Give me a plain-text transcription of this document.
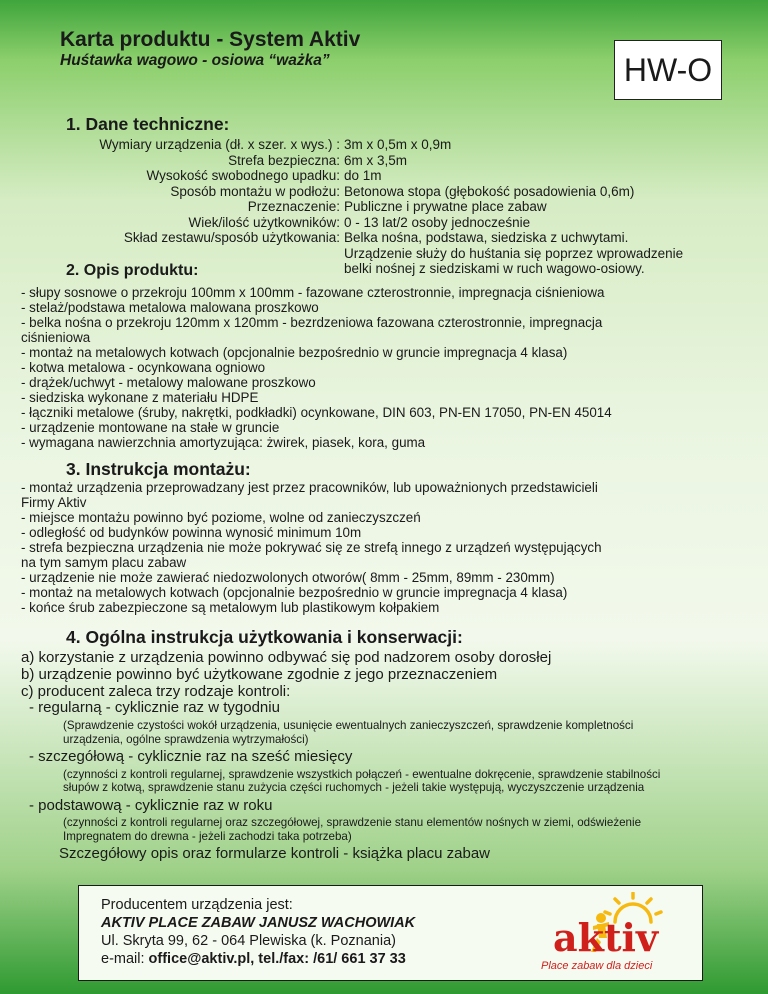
Karta produktu - System Aktiv
Huśtawka wagowo - osiowa “ważka”	HW-O
1. Dane techniczne:
Wymiary urządzenia (dł. x szer. x wys.) : 3m x 0,5m x 0,9m
Strefa bezpieczna: 6m x 3,5m
Wysokość swobodnego upadku: do 1m
Sposób montażu w podłożu: Betonowa stopa (głębokość posadowienia 0,6m)
Przeznaczenie: Publiczne i prywatne place zabaw
Wiek/ilość użytkowników: 0 - 13 lat/2 osoby jednocześnie
Skład zestawu/sposób użytkowania: Belka nośna, podstawa, siedziska z uchwytami.
Urządzenie służy do huśtania się poprzez wprowadzenie
belki nośnej z siedziskami w ruch wagowo-osiowy.
2. Opis produktu:
- słupy sosnowe o przekroju 100mm x 100mm - fazowane czterostronnie, impregnacja ciśnieniowa
- stelaż/podstawa metalowa malowana proszkowo
- belka nośna o przekroju 120mm x 120mm - bezrdzeniowa fazowana czterostronnie, impregnacja
ciśnieniowa
- montaż na metalowych kotwach (opcjonalnie bezpośrednio w gruncie impregnacja 4 klasa)
- kotwa metalowa - ocynkowana ogniowo
- drążek/uchwyt - metalowy malowane proszkowo
- siedziska wykonane z materiału HDPE
- łączniki metalowe (śruby, nakrętki, podkładki) ocynkowane, DIN 603, PN-EN 17050, PN-EN 45014
- urządzenie montowane na stałe w gruncie
- wymagana nawierzchnia amortyzująca: żwirek, piasek, kora, guma
3. Instrukcja montażu:
- montaż urządzenia przeprowadzany jest przez pracowników, lub upoważnionych przedstawicieli
Firmy Aktiv
- miejsce montażu powinno być poziome, wolne od zanieczyszczeń
- odległość od budynków powinna wynosić minimum 10m
- strefa bezpieczna urządzenia nie może pokrywać się ze strefą innego z urządzeń występujących
na tym samym placu zabaw
- urządzenie nie może zawierać niedozwolonych otworów( 8mm - 25mm, 89mm - 230mm)
- montaż na metalowych kotwach (opcjonalnie bezpośrednio w gruncie impregnacja 4 klasa)
- końce śrub zabezpieczone są metalowym lub plastikowym kołpakiem
4. Ogólna instrukcja użytkowania i konserwacji:
a) korzystanie z urządzenia powinno odbywać się pod nadzorem osoby dorosłej
b) urządzenie powinno być użytkowane zgodnie z jego przeznaczeniem
c) producent zaleca trzy rodzaje kontroli:
- regularną - cyklicznie raz w tygodniu
(Sprawdzenie czystości wokół urządzenia, usunięcie ewentualnych zanieczyszczeń, sprawdzenie kompletności
urządzenia, ogólne sprawdzenia wytrzymałości)
- szczegółową - cyklicznie raz na sześć miesięcy
(czynności z kontroli regularnej, sprawdzenie wszystkich połączeń - ewentualne dokręcenie, sprawdzenie stabilności
słupów z kotwą, sprawdzenie stanu zużycia części ruchomych - jeżeli takie występują, wyczyszczenie urządzenia
- podstawową - cyklicznie raz w roku
(czynności z kontroli regularnej oraz szczegółowej, sprawdzenie stanu elementów nośnych w ziemi, odświeżenie
Impregnatem do drewna - jeżeli zachodzi taka potrzeba)
Szczegółowy opis oraz formularze kontroli - książka placu zabaw
Producentem urządzenia jest:
AKTIV PLACE ZABAW JANUSZ WACHOWIAK
Ul. Skryta 99, 62 - 064 Plewiska (k. Poznania)
e-mail: office@aktiv.pl, tel./fax: /61/ 661 37 33	aktiv
Place zabaw dla dzieci
